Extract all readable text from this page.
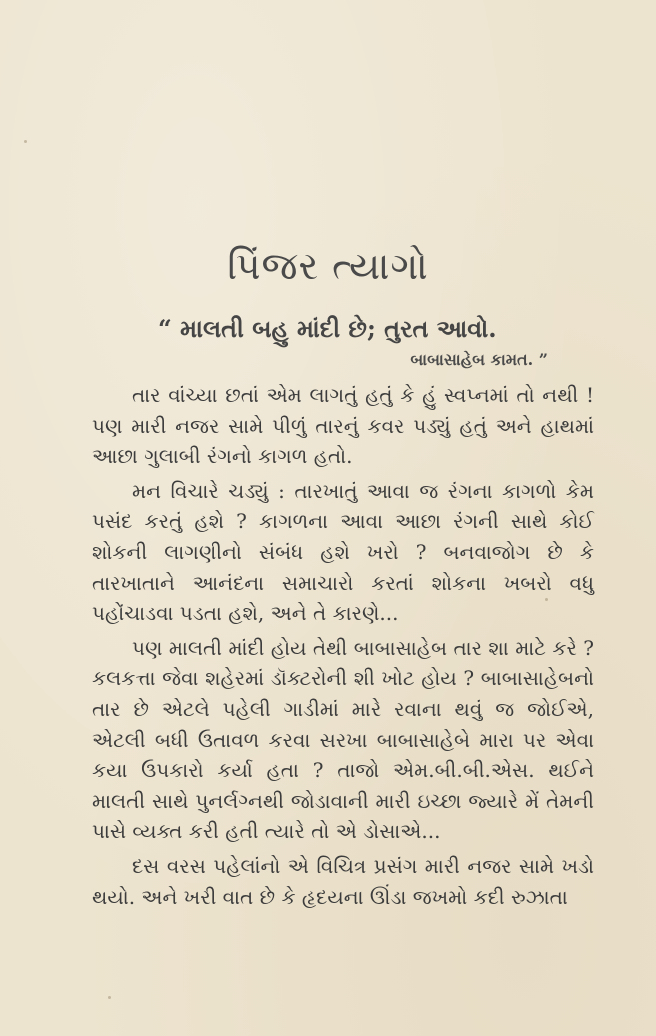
પિંજર ત્યાગો
“ માલતી બહુ માંદી છે; તુરત આવો.
બાબાસાહેબ કામત. ”

તાર વાંચ્યા છતાં એમ લાગતું હતું કે હું સ્વપ્નમાં તો નથી ! પણ મારી નજર સામે પીળું તારનું કવર પડ્યું હતું અને હાથમાં આછા ગુલાબી રંગનો કાગળ હતો.

મન વિચારે ચડ્યું : તારખાતું આવા જ રંગના કાગળો કેમ પસંદ કરતું હશે ? કાગળના આવા આછા રંગની સાથે કોઈ શોકની લાગણીનો સંબંધ હશે ખરો ? બનવાજોગ છે કે તારખાતાને આનંદના સમાચારો કરતાં શોકના ખબરો વધુ પહોંચાડવા પડતા હશે, અને તે કારણે...

પણ માલતી માંદી હોય તેથી બાબાસાહેબ તાર શા માટે કરે ? કલકત્તા જેવા શહેરમાં ડૉક્ટરોની શી ખોટ હોય ? બાબાસાહેબનો તાર છે એટલે પહેલી ગાડીમાં મારે રવાના થવું જ જોઈએ, એટલી બધી ઉતાવળ કરવા સરખા બાબાસાહેબે મારા પર એવા કયા ઉપકારો કર્યા હતા ? તાજો એમ.બી.બી.એસ. થઈને માલતી સાથે પુનર્લગ્નથી જોડાવાની મારી ઇચ્છા જ્યારે મેં તેમની પાસે વ્યક્ત કરી હતી ત્યારે તો એ ડોસાએ...

દસ વરસ પહેલાંનો એ વિચિત્ર પ્રસંગ મારી નજર સામે ખડો થયો. અને ખરી વાત છે કે હૃદયના ઊંડા જખમો કદી રુઝાતા
